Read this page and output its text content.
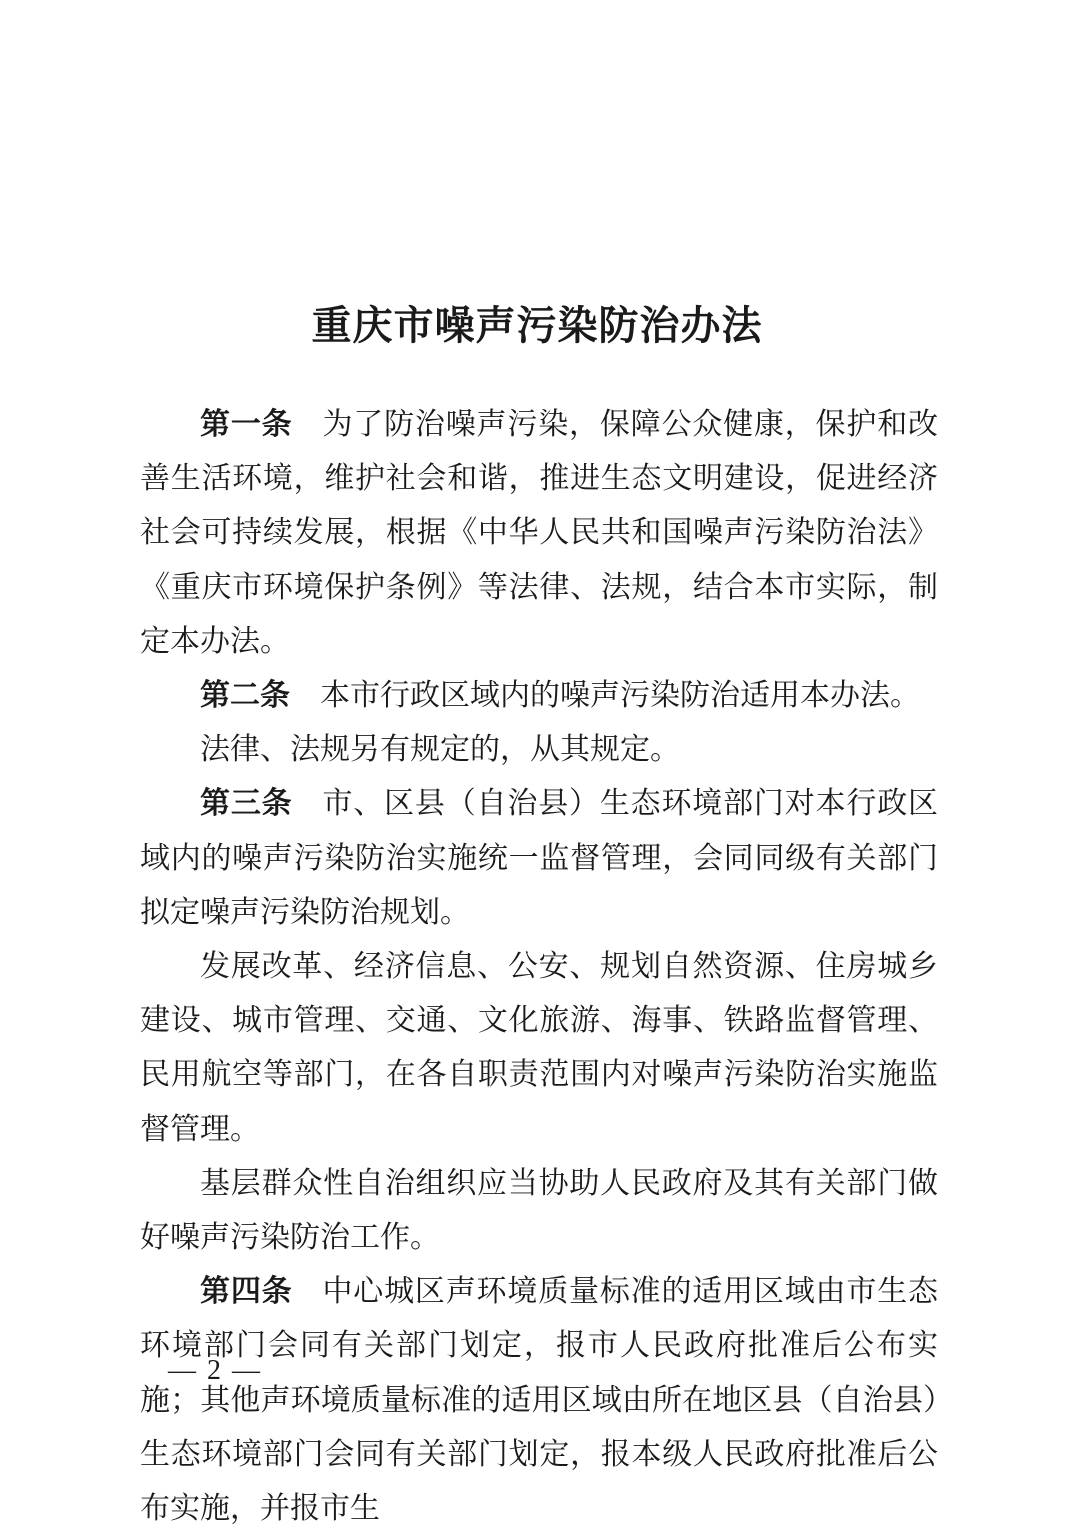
重庆市噪声污染防治办法

第一条 为了防治噪声污染，保障公众健康，保护和改善生活环境，维护社会和谐，推进生态文明建设，促进经济社会可持续发展，根据《中华人民共和国噪声污染防治法》《重庆市环境保护条例》等法律、法规，结合本市实际，制定本办法。

第二条 本市行政区域内的噪声污染防治适用本办法。

法律、法规另有规定的，从其规定。

第三条 市、区县（自治县）生态环境部门对本行政区域内的噪声污染防治实施统一监督管理，会同同级有关部门拟定噪声污染防治规划。

发展改革、经济信息、公安、规划自然资源、住房城乡建设、城市管理、交通、文化旅游、海事、铁路监督管理、民用航空等部门，在各自职责范围内对噪声污染防治实施监督管理。

基层群众性自治组织应当协助人民政府及其有关部门做好噪声污染防治工作。

第四条 中心城区声环境质量标准的适用区域由市生态环境部门会同有关部门划定，报市人民政府批准后公布实施；其他声环境质量标准的适用区域由所在地区县（自治县）生态环境部门会同有关部门划定，报本级人民政府批准后公布实施，并报市生

— 2 —
